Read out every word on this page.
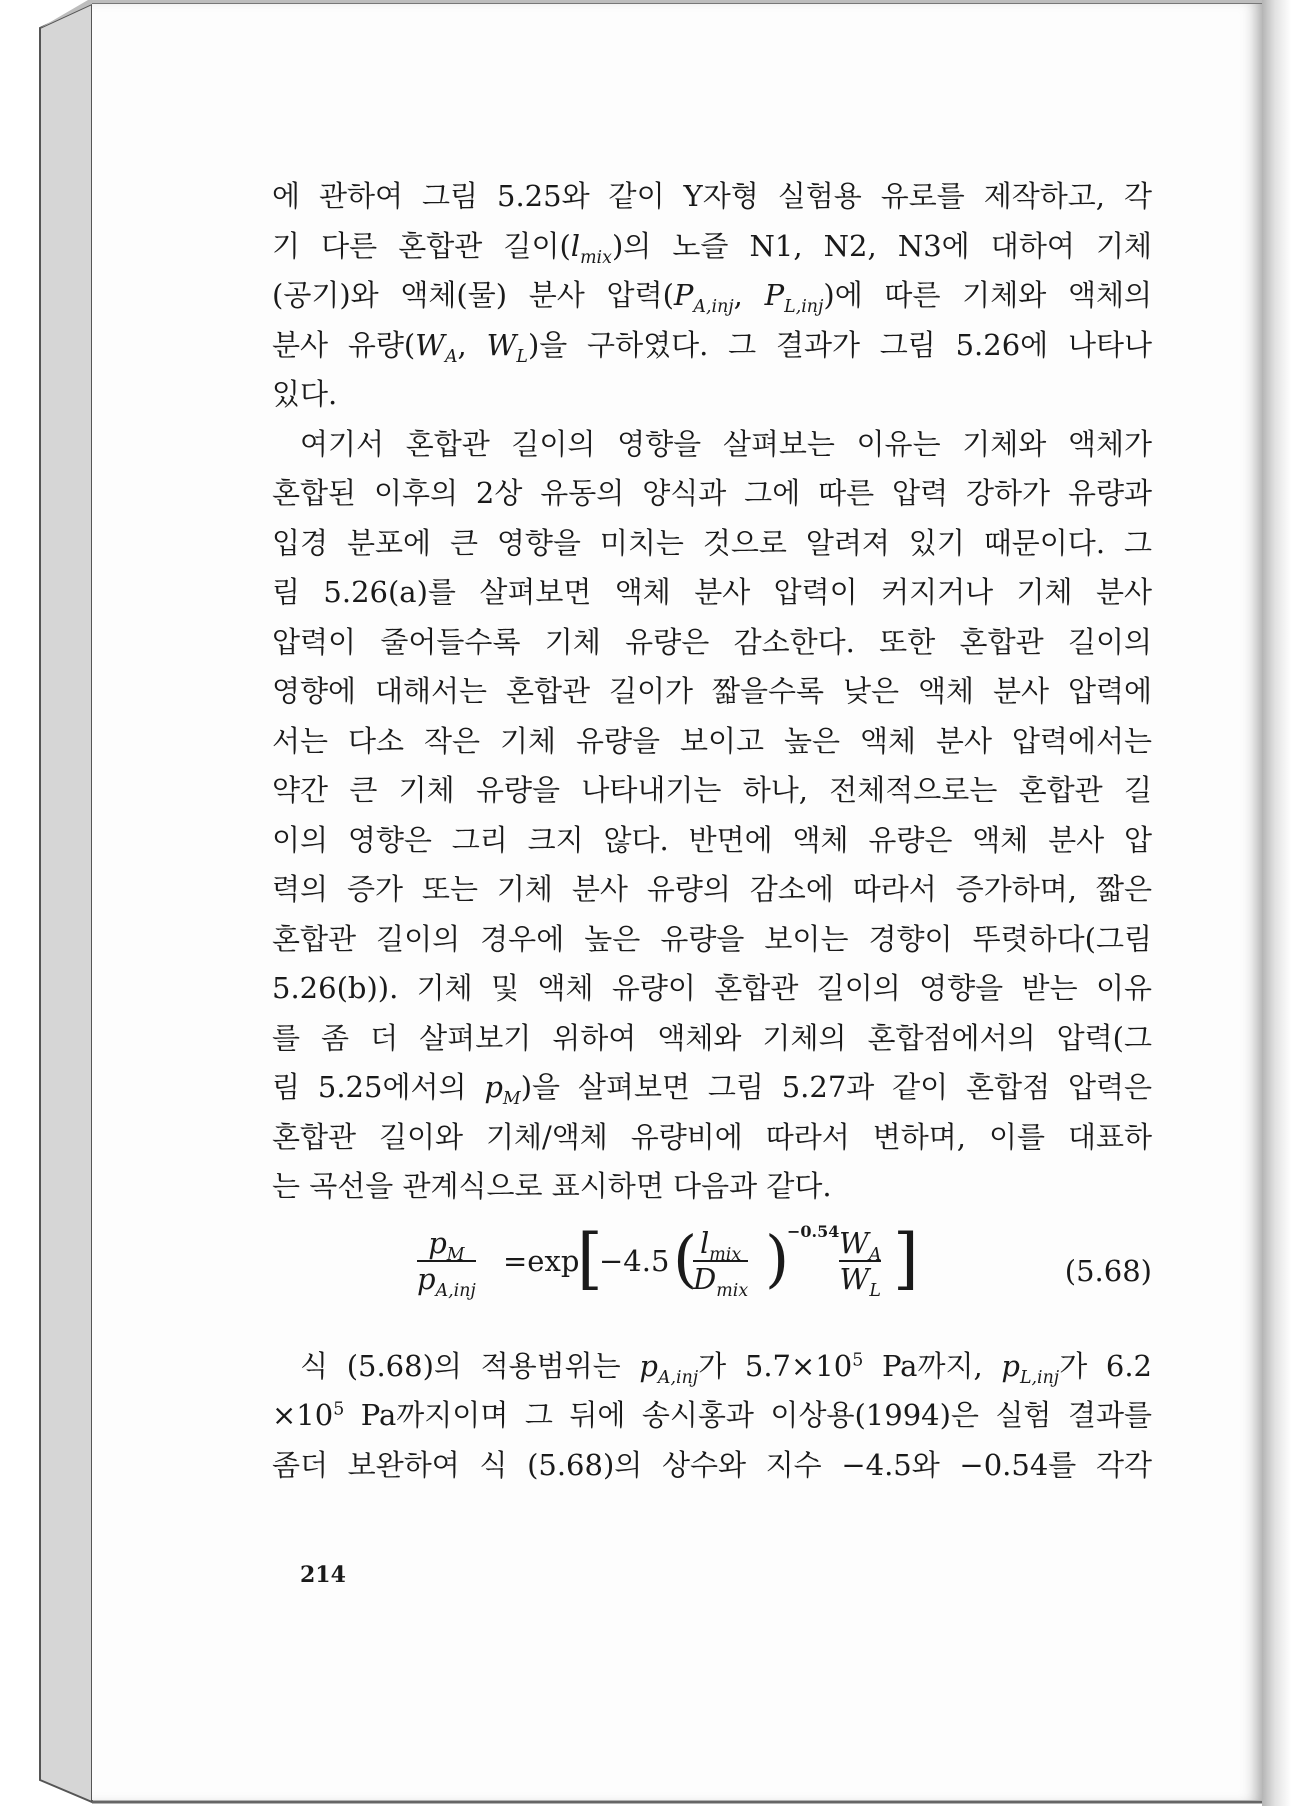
에 관하여 그림 5.25와 같이 Y자형 실험용 유로를 제작하고, 각
기 다른 혼합관 길이$(l_{mix})$의 노즐 N1, N2, N3에 대하여 기체
(공기)와 액체(물) 분사 압력($P_{A,inj}$, $P_{L,inj}$)에 따른 기체와 액체의
분사 유량($W_A$, $W_L$)을 구하였다. 그 결과가 그림 5.26에 나타나
있다.
여기서 혼합관 길이의 영향을 살펴보는 이유는 기체와 액체가
혼합된 이후의 2상 유동의 양식과 그에 따른 압력 강하가 유량과
입경 분포에 큰 영향을 미치는 것으로 알려져 있기 때문이다. 그
림 5.26(a)를 살펴보면 액체 분사 압력이 커지거나 기체 분사
압력이 줄어들수록 기체 유량은 감소한다. 또한 혼합관 길이의
영향에 대해서는 혼합관 길이가 짧을수록 낮은 액체 분사 압력에
서는 다소 작은 기체 유량을 보이고 높은 액체 분사 압력에서는
약간 큰 기체 유량을 나타내기는 하나, 전체적으로는 혼합관 길
이의 영향은 그리 크지 않다. 반면에 액체 유량은 액체 분사 압
력의 증가 또는 기체 분사 유량의 감소에 따라서 증가하며, 짧은
혼합관 길이의 경우에 높은 유량을 보이는 경향이 뚜렷하다(그림
5.26(b)). 기체 및 액체 유량이 혼합관 길이의 영향을 받는 이유
를 좀 더 살펴보기 위하여 액체와 기체의 혼합점에서의 압력(그
림 5.25에서의 $p_M$)을 살펴보면 그림 5.27과 같이 혼합점 압력은
혼합관 길이와 기체/액체 유량비에 따라서 변하며, 이를 대표하
는 곡선을 관계식으로 표시하면 다음과 같다.
$p_M$
$p_{A,inj}$
=exp
[
−4.5 ( $l_{mix}$
$D_{mix}$ )
−0.54 $W_A$
$W_L$ ]	(5.68)
식 (5.68)의 적용범위는 $p_{A,inj}$가 $5.7\times 10^5$ Pa까지, $p_{L,inj}$가 6.2
$\times 10^5$ Pa까지이며 그 뒤에 송시홍과 이상용(1994)은 실험 결과를
좀더 보완하여 식 (5.68)의 상수와 지수 −4.5와 −0.54를 각각
214
